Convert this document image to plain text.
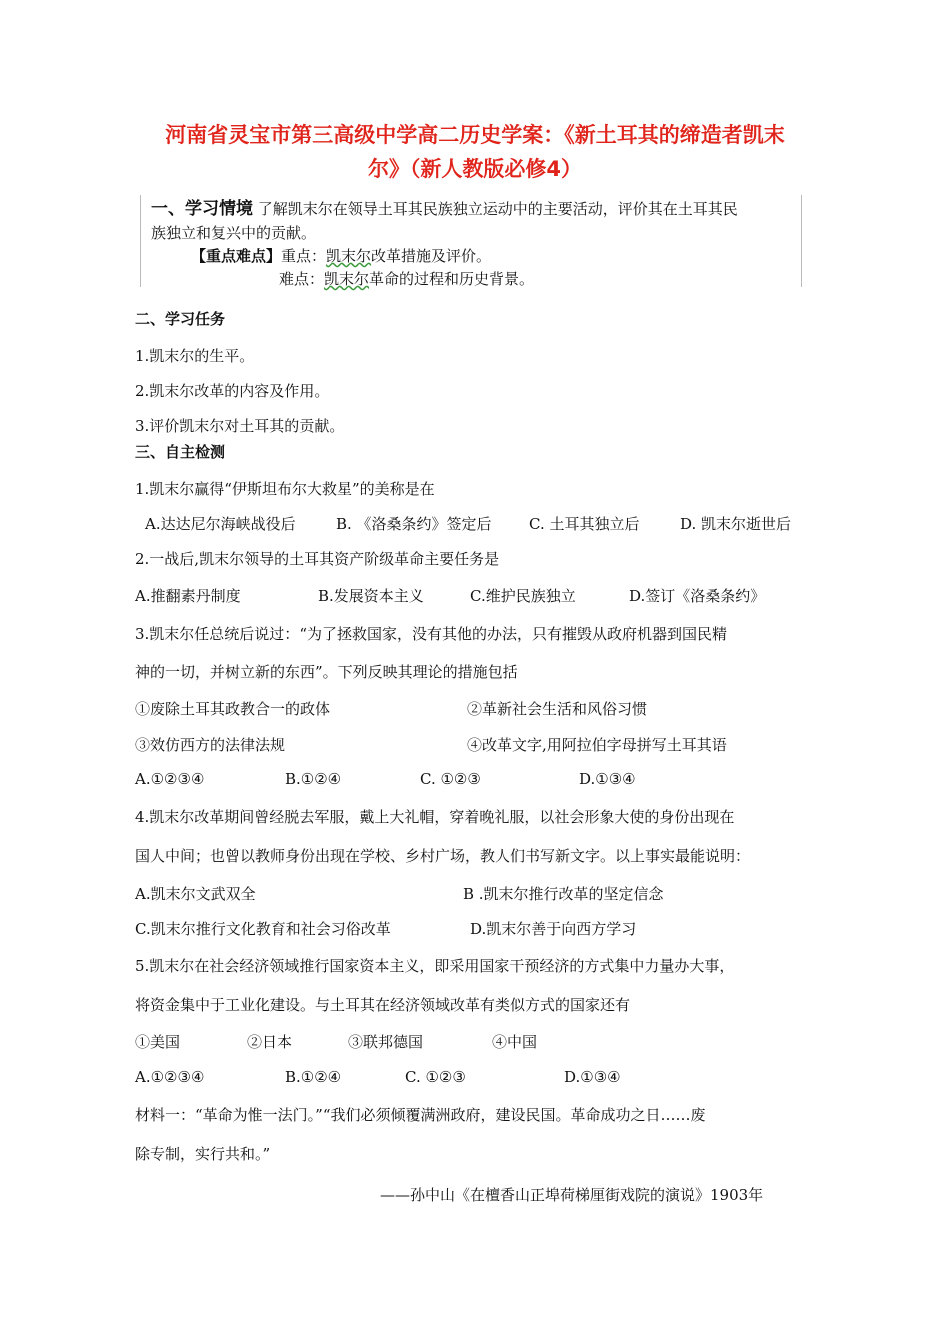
河南省灵宝市第三高级中学高二历史学案：《新土耳其的缔造者凯末
尔》（新人教版必修4）
一、学习情境 了解凯末尔在领导土耳其民族独立运动中的主要活动，评价其在土耳其民
族独立和复兴中的贡献。
【重点难点】重点：凯末尔改革措施及评价。
难点：凯末尔革命的过程和历史背景。
二、学习任务
1.凯末尔的生平。
2.凯末尔改革的内容及作用。
3.评价凯末尔对土耳其的贡献。
三、自主检测
1.凯末尔赢得“伊斯坦布尔大救星”的美称是在
A.达达尼尔海峡战役后	B. 《洛桑条约》签定后 C. 土耳其独立后	D. 凯末尔逝世后
2.一战后,凯末尔领导的土耳其资产阶级革命主要任务是
A.推翻素丹制度	B.发展资本主义	C.维护民族独立	D.签订《洛桑条约》
3.凯末尔任总统后说过：“为了拯救国家，没有其他的办法，只有摧毁从政府机器到国民精
神的一切，并树立新的东西”。下列反映其理论的措施包括
①废除土耳其政教合一的政体	②革新社会生活和风俗习惯
③效仿西方的法律法规	④改革文字,用阿拉伯字母拼写土耳其语
A.①②③④	B.①②④	C. ①②③	D.①③④
4.凯末尔改革期间曾经脱去军服，戴上大礼帽，穿着晚礼服，以社会形象大使的身份出现在
国人中间；也曾以教师身份出现在学校、乡村广场，教人们书写新文字。以上事实最能说明：
A.凯末尔文武双全	B .凯末尔推行改革的坚定信念
C.凯末尔推行文化教育和社会习俗改革	D.凯末尔善于向西方学习
5.凯末尔在社会经济领域推行国家资本主义，即采用国家干预经济的方式集中力量办大事，
将资金集中于工业化建设。与土耳其在经济领域改革有类似方式的国家还有
①美国	②日本	③联邦德国	④中国
A.①②③④	B.①②④	C. ①②③	D.①③④
材料一：“革命为惟一法门。”“我们必须倾覆满洲政府，建设民国。革命成功之日……废
除专制，实行共和。”
——孙中山《在檀香山正埠荷梯厘街戏院的演说》1903年
